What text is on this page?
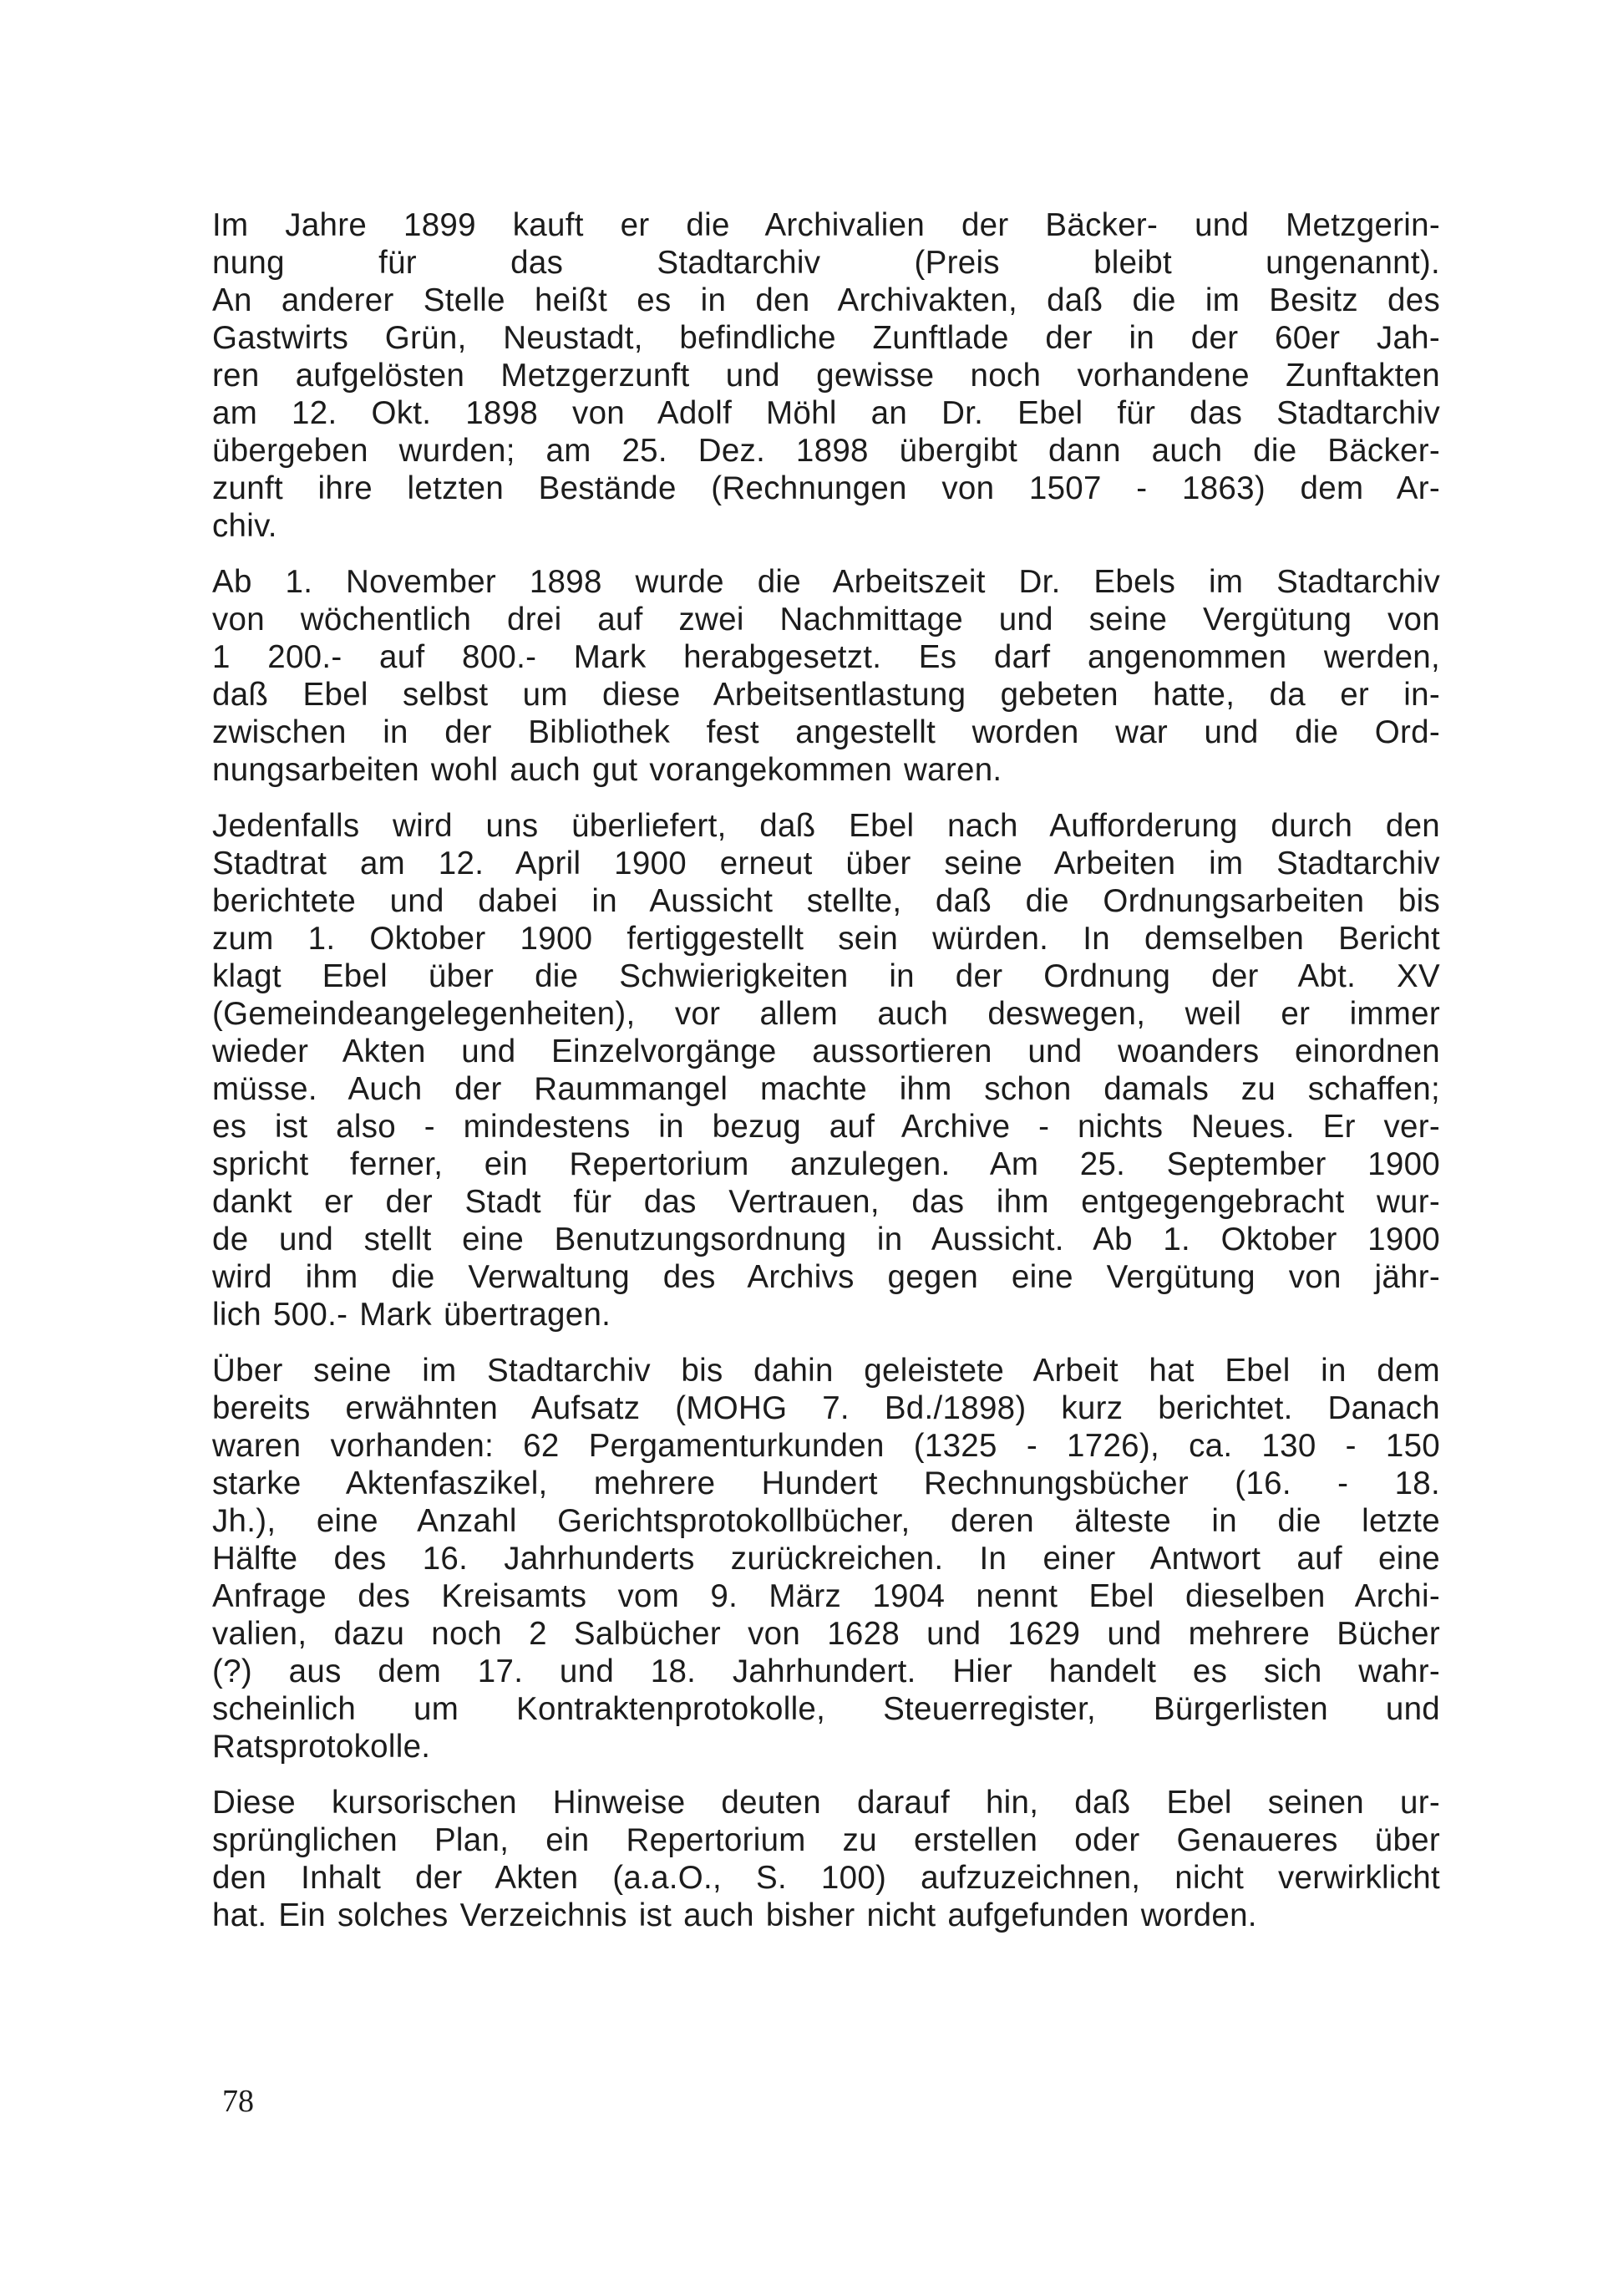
Im Jahre 1899 kauft er die Archivalien der Bäcker- und Metzgerin-
nung für das Stadtarchiv (Preis bleibt ungenannt).
An anderer Stelle heißt es in den Archivakten, daß die im Besitz des
Gastwirts Grün, Neustadt, befindliche Zunftlade der in der 60er Jah-
ren aufgelösten Metzgerzunft und gewisse noch vorhandene Zunftakten
am 12. Okt. 1898 von Adolf Möhl an Dr. Ebel für das Stadtarchiv
übergeben wurden; am 25. Dez. 1898 übergibt dann auch die Bäcker-
zunft ihre letzten Bestände (Rechnungen von 1507 - 1863) dem Ar-
chiv.

Ab 1. November 1898 wurde die Arbeitszeit Dr. Ebels im Stadtarchiv
von wöchentlich drei auf zwei Nachmittage und seine Vergütung von
1 200.- auf 800.- Mark herabgesetzt. Es darf angenommen werden,
daß Ebel selbst um diese Arbeitsentlastung gebeten hatte, da er in-
zwischen in der Bibliothek fest angestellt worden war und die Ord-
nungsarbeiten wohl auch gut vorangekommen waren.

Jedenfalls wird uns überliefert, daß Ebel nach Aufforderung durch den
Stadtrat am 12. April 1900 erneut über seine Arbeiten im Stadtarchiv
berichtete und dabei in Aussicht stellte, daß die Ordnungsarbeiten bis
zum 1. Oktober 1900 fertiggestellt sein würden. In demselben Bericht
klagt Ebel über die Schwierigkeiten in der Ordnung der Abt. XV
(Gemeindeangelegenheiten), vor allem auch deswegen, weil er immer
wieder Akten und Einzelvorgänge aussortieren und woanders einordnen
müsse. Auch der Raummangel machte ihm schon damals zu schaffen;
es ist also - mindestens in bezug auf Archive - nichts Neues. Er ver-
spricht ferner, ein Repertorium anzulegen. Am 25. September 1900
dankt er der Stadt für das Vertrauen, das ihm entgegengebracht wur-
de und stellt eine Benutzungsordnung in Aussicht. Ab 1. Oktober 1900
wird ihm die Verwaltung des Archivs gegen eine Vergütung von jähr-
lich 500.- Mark übertragen.

Über seine im Stadtarchiv bis dahin geleistete Arbeit hat Ebel in dem
bereits erwähnten Aufsatz (MOHG 7. Bd./1898) kurz berichtet. Danach
waren vorhanden: 62 Pergamenturkunden (1325 - 1726), ca. 130 - 150
starke Aktenfaszikel, mehrere Hundert Rechnungsbücher (16. - 18.
Jh.), eine Anzahl Gerichtsprotokollbücher, deren älteste in die letzte
Hälfte des 16. Jahrhunderts zurückreichen. In einer Antwort auf eine
Anfrage des Kreisamts vom 9. März 1904 nennt Ebel dieselben Archi-
valien, dazu noch 2 Salbücher von 1628 und 1629 und mehrere Bücher
(?) aus dem 17. und 18. Jahrhundert. Hier handelt es sich wahr-
scheinlich um Kontraktenprotokolle, Steuerregister, Bürgerlisten und
Ratsprotokolle.

Diese kursorischen Hinweise deuten darauf hin, daß Ebel seinen ur-
sprünglichen Plan, ein Repertorium zu erstellen oder Genaueres über
den Inhalt der Akten (a.a.O., S. 100) aufzuzeichnen, nicht verwirklicht
hat. Ein solches Verzeichnis ist auch bisher nicht aufgefunden worden.

78
